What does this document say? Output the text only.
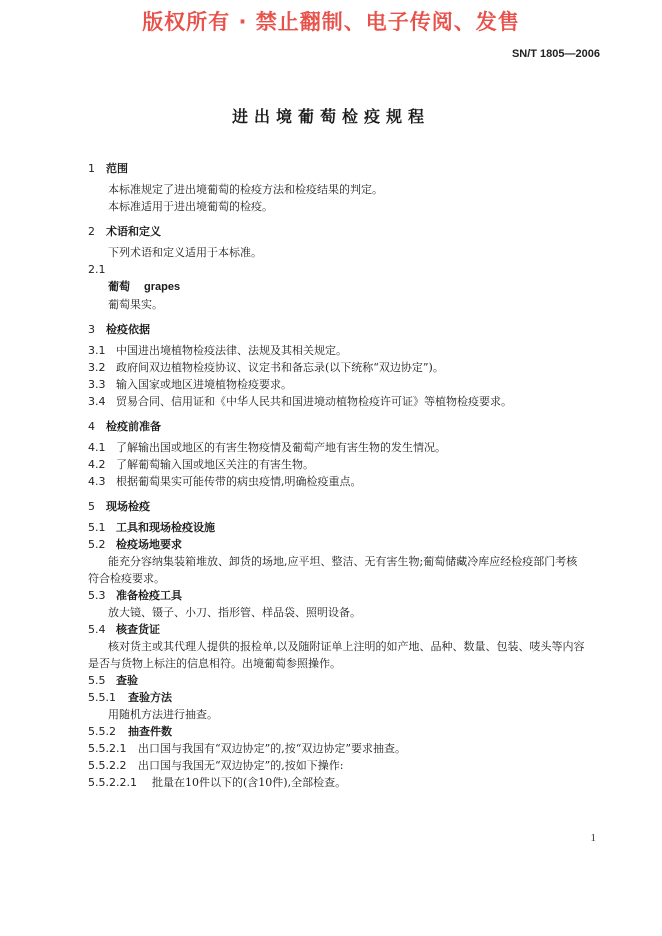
版权所有 · 禁止翻制、电子传阅、发售
SN/T 1805—2006
进出境葡萄检疫规程
1	范围
本标准规定了进出境葡萄的检疫方法和检疫结果的判定。
本标准适用于进出境葡萄的检疫。
2	术语和定义
下列术语和定义适用于本标准。
2.1
葡萄 grapes
葡萄果实。
3	检疫依据
3.1 中国进出境植物检疫法律、法规及其相关规定。
3.2 政府间双边植物检疫协议、议定书和备忘录(以下统称“双边协定”)。
3.3 输入国家或地区进境植物检疫要求。
3.4 贸易合同、信用证和《中华人民共和国进境动植物检疫许可证》等植物检疫要求。
4	检疫前准备
4.1 了解输出国或地区的有害生物疫情及葡萄产地有害生物的发生情况。
4.2 了解葡萄输入国或地区关注的有害生物。
4.3 根据葡萄果实可能传带的病虫疫情,明确检疫重点。
5	现场检疫
5.1 工具和现场检疫设施
5.2 检疫场地要求
能充分容纳集装箱堆放、卸货的场地,应平坦、整洁、无有害生物;葡萄储藏冷库应经检疫部门考核
符合检疫要求。
5.3 准备检疫工具
放大镜、镊子、小刀、指形管、样品袋、照明设备。
5.4 核查货证
核对货主或其代理人提供的报检单,以及随附证单上注明的如产地、品种、数量、包装、唛头等内容
是否与货物上标注的信息相符。出境葡萄参照操作。
5.5 查验
5.5.1	查验方法
用随机方法进行抽查。
5.5.2	抽查件数
5.5.2.1	出口国与我国有“双边协定”的,按“双边协定”要求抽查。
5.5.2.2	出口国与我国无“双边协定”的,按如下操作:
5.5.2.2.1	批量在10件以下的(含10件),全部检查。
1
